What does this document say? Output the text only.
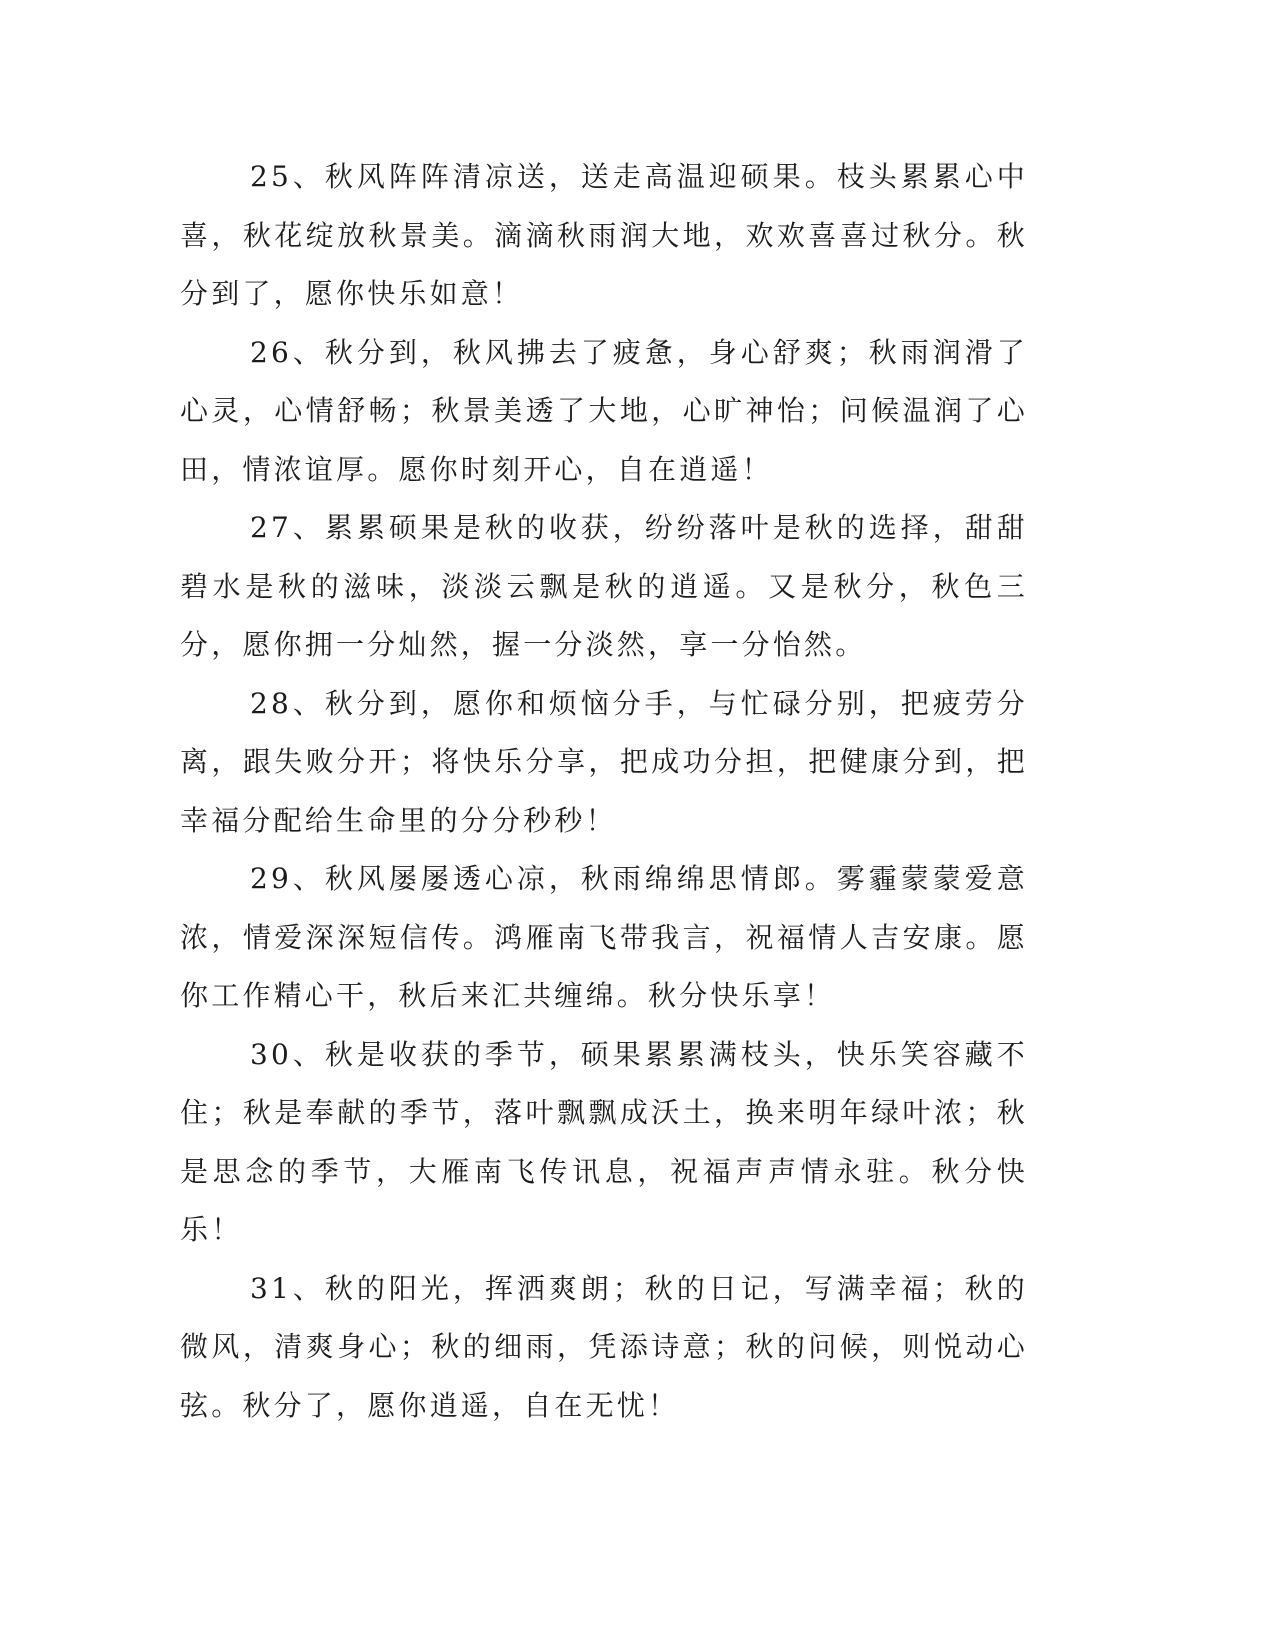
25、秋风阵阵清凉送，送走高温迎硕果。枝头累累心中喜，秋花绽放秋景美。滴滴秋雨润大地，欢欢喜喜过秋分。秋分到了，愿你快乐如意！

26、秋分到，秋风拂去了疲惫，身心舒爽；秋雨润滑了心灵，心情舒畅；秋景美透了大地，心旷神怡；问候温润了心田，情浓谊厚。愿你时刻开心，自在逍遥！

27、累累硕果是秋的收获，纷纷落叶是秋的选择，甜甜碧水是秋的滋味，淡淡云飘是秋的逍遥。又是秋分，秋色三分，愿你拥一分灿然，握一分淡然，享一分怡然。

28、秋分到，愿你和烦恼分手，与忙碌分别，把疲劳分离，跟失败分开；将快乐分享，把成功分担，把健康分到，把幸福分配给生命里的分分秒秒！

29、秋风屡屡透心凉，秋雨绵绵思情郎。雾霾蒙蒙爱意浓，情爱深深短信传。鸿雁南飞带我言，祝福情人吉安康。愿你工作精心干，秋后来汇共缠绵。秋分快乐享！

30、秋是收获的季节，硕果累累满枝头，快乐笑容藏不住；秋是奉献的季节，落叶飘飘成沃土，换来明年绿叶浓；秋是思念的季节，大雁南飞传讯息，祝福声声情永驻。秋分快乐！

31、秋的阳光，挥洒爽朗；秋的日记，写满幸福；秋的微风，清爽身心；秋的细雨，凭添诗意；秋的问候，则悦动心弦。秋分了，愿你逍遥，自在无忧！
